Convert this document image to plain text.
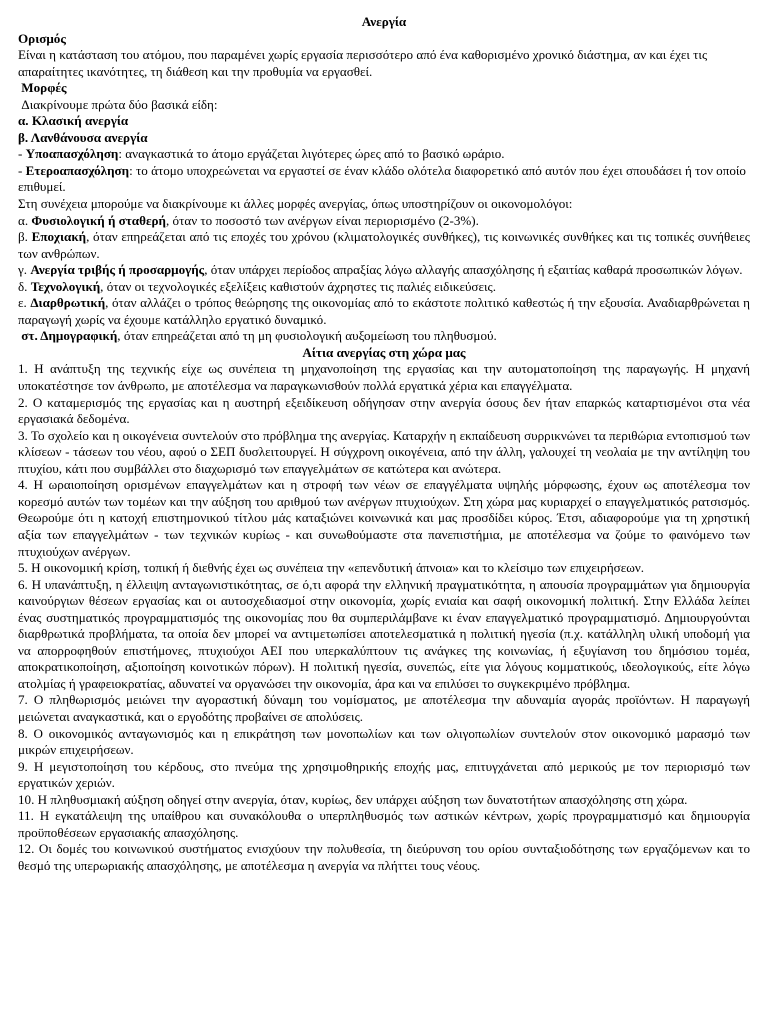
Ανεργία

Ορισμός

Είναι η κατάσταση του ατόμου, που παραμένει χωρίς εργασία περισσότερο από ένα καθορισμένο χρονικό διάστημα, αν και έχει τις απαραίτητες ικανότητες, τη διάθεση και την προθυμία να εργασθεί.

Μορφές

Διακρίνουμε πρώτα δύο βασικά είδη:

α. Κλασική ανεργία

β. Λανθάνουσα ανεργία

- Υποαπασχόληση: αναγκαστικά το άτομο εργάζεται λιγότερες ώρες από το βασικό ωράριο.

- Ετεροαπασχόληση: το άτομο υποχρεώνεται να εργαστεί σε έναν κλάδο ολότελα διαφορετικό από αυτόν που έχει σπουδάσει ή τον οποίο επιθυμεί.

Στη συνέχεια μπορούμε να διακρίνουμε κι άλλες μορφές ανεργίας, όπως υποστηρίζουν οι οικονομολόγοι:

α. Φυσιολογική ή σταθερή, όταν το ποσοστό των ανέργων είναι περιορισμένο (2-3%).

β. Εποχιακή, όταν επηρεάζεται από τις εποχές του χρόνου (κλιματολογικές συνθήκες), τις κοινωνικές συνθήκες και τις τοπικές συνήθειες των ανθρώπων.

γ. Ανεργία τριβής ή προσαρμογής, όταν υπάρχει περίοδος απραξίας λόγω αλλαγής απασχόλησης ή εξαιτίας καθαρά προσωπικών λόγων.

δ. Τεχνολογική, όταν οι τεχνολογικές εξελίξεις καθιστούν άχρηστες τις παλιές ειδικεύσεις.

ε. Διαρθρωτική, όταν αλλάζει ο τρόπος θεώρησης της οικονομίας από το εκάστοτε πολιτικό καθεστώς ή την εξουσία. Αναδιαρθρώνεται η παραγωγή χωρίς να έχουμε κατάλληλο εργατικό δυναμικό.

στ. Δημογραφική, όταν επηρεάζεται από τη μη φυσιολογική αυξομείωση του πληθυσμού.

Αίτια ανεργίας στη χώρα μας

1. Η ανάπτυξη της τεχνικής είχε ως συνέπεια τη μηχανοποίηση της εργασίας και την αυτοματοποίηση της παραγωγής. Η μηχανή υποκατέστησε τον άνθρωπο, με αποτέλεσμα να παραγκωνισθούν πολλά εργατικά χέρια και επαγγέλματα.

2. Ο καταμερισμός της εργασίας και η αυστηρή εξειδίκευση οδήγησαν στην ανεργία όσους δεν ήταν επαρκώς καταρτισμένοι στα νέα εργασιακά δεδομένα.

3. Το σχολείο και η οικογένεια συντελούν στο πρόβλημα της ανεργίας. Καταρχήν η εκπαίδευση συρρικνώνει τα περιθώρια εντοπισμού των κλίσεων - τάσεων του νέου, αφού ο ΣΕΠ δυσλειτουργεί. Η σύγχρονη οικογένεια, από την άλλη, γαλουχεί τη νεολαία με την αντίληψη του πτυχίου, κάτι που συμβάλλει στο διαχωρισμό των επαγγελμάτων σε κατώτερα και ανώτερα.

4. Η ωραιοποίηση ορισμένων επαγγελμάτων και η στροφή των νέων σε επαγγέλματα υψηλής μόρφωσης, έχουν ως αποτέλεσμα τον κορεσμό αυτών των τομέων και την αύξηση του αριθμού των ανέργων πτυχιούχων. Στη χώρα μας κυριαρχεί ο επαγγελματικός ρατσισμός. Θεωρούμε ότι η κατοχή επιστημονικού τίτλου μάς καταξιώνει κοινωνικά και μας προσδίδει κύρος. Έτσι, αδιαφορούμε για τη χρηστική αξία των επαγγελμάτων - των τεχνικών κυρίως - και συνωθούμαστε στα πανεπιστήμια, με αποτέλεσμα να ζούμε το φαινόμενο των πτυχιούχων ανέργων.

5. Η οικονομική κρίση, τοπική ή διεθνής έχει ως συνέπεια την «επενδυτική άπνοια» και το κλείσιμο των επιχειρήσεων.

6. Η υπανάπτυξη, η έλλειψη ανταγωνιστικότητας, σε ό,τι αφορά την ελληνική πραγματικότητα, η απουσία προγραμμάτων για δημιουργία καινούργιων θέσεων εργασίας και οι αυτοσχεδιασμοί στην οικονομία, χωρίς ενιαία και σαφή οικονομική πολιτική. Στην Ελλάδα λείπει ένας συστηματικός προγραμματισμός της οικονομίας που θα συμπεριλάμβανε κι έναν επαγγελματικό προγραμματισμό. Δημιουργούνται διαρθρωτικά προβλήματα, τα οποία δεν μπορεί να αντιμετωπίσει αποτελεσματικά η πολιτική ηγεσία (π.χ. κατάλληλη υλική υποδομή για να απορροφηθούν επιστήμονες, πτυχιούχοι ΑΕΙ που υπερκαλύπτουν τις ανάγκες της κοινωνίας, ή εξυγίανση του δημόσιου τομέα, αποκρατικοποίηση, αξιοποίηση κοινοτικών πόρων). Η πολιτική ηγεσία, συνεπώς, είτε για λόγους κομματικούς, ιδεολογικούς, είτε λόγω ατολμίας ή γραφειοκρατίας, αδυνατεί να οργανώσει την οικονομία, άρα και να επιλύσει το συγκεκριμένο πρόβλημα.

7. Ο πληθωρισμός μειώνει την αγοραστική δύναμη του νομίσματος, με αποτέλεσμα την αδυναμία αγοράς προϊόντων. Η παραγωγή μειώνεται αναγκαστικά, και ο εργοδότης προβαίνει σε απολύσεις.

8. Ο οικονομικός ανταγωνισμός και η επικράτηση των μονοπωλίων και των ολιγοπωλίων συντελούν στον οικονομικό μαρασμό των μικρών επιχειρήσεων.

9. Η μεγιστοποίηση του κέρδους, στο πνεύμα της χρησιμοθηρικής εποχής μας, επιτυγχάνεται από μερικούς με τον περιορισμό των εργατικών χεριών.

10. Η πληθυσμιακή αύξηση οδηγεί στην ανεργία, όταν, κυρίως, δεν υπάρχει αύξηση των δυνατοτήτων απασχόλησης στη χώρα.

11. Η εγκατάλειψη της υπαίθρου και συνακόλουθα ο υπερπληθυσμός των αστικών κέντρων, χωρίς προγραμματισμό και δημιουργία προϋποθέσεων εργασιακής απασχόλησης.

12. Οι δομές του κοινωνικού συστήματος ενισχύουν την πολυθεσία, τη διεύρυνση του ορίου συνταξιοδότησης των εργαζόμενων και το θεσμό της υπερωριακής απασχόλησης, με αποτέλεσμα η ανεργία να πλήττει τους νέους.
